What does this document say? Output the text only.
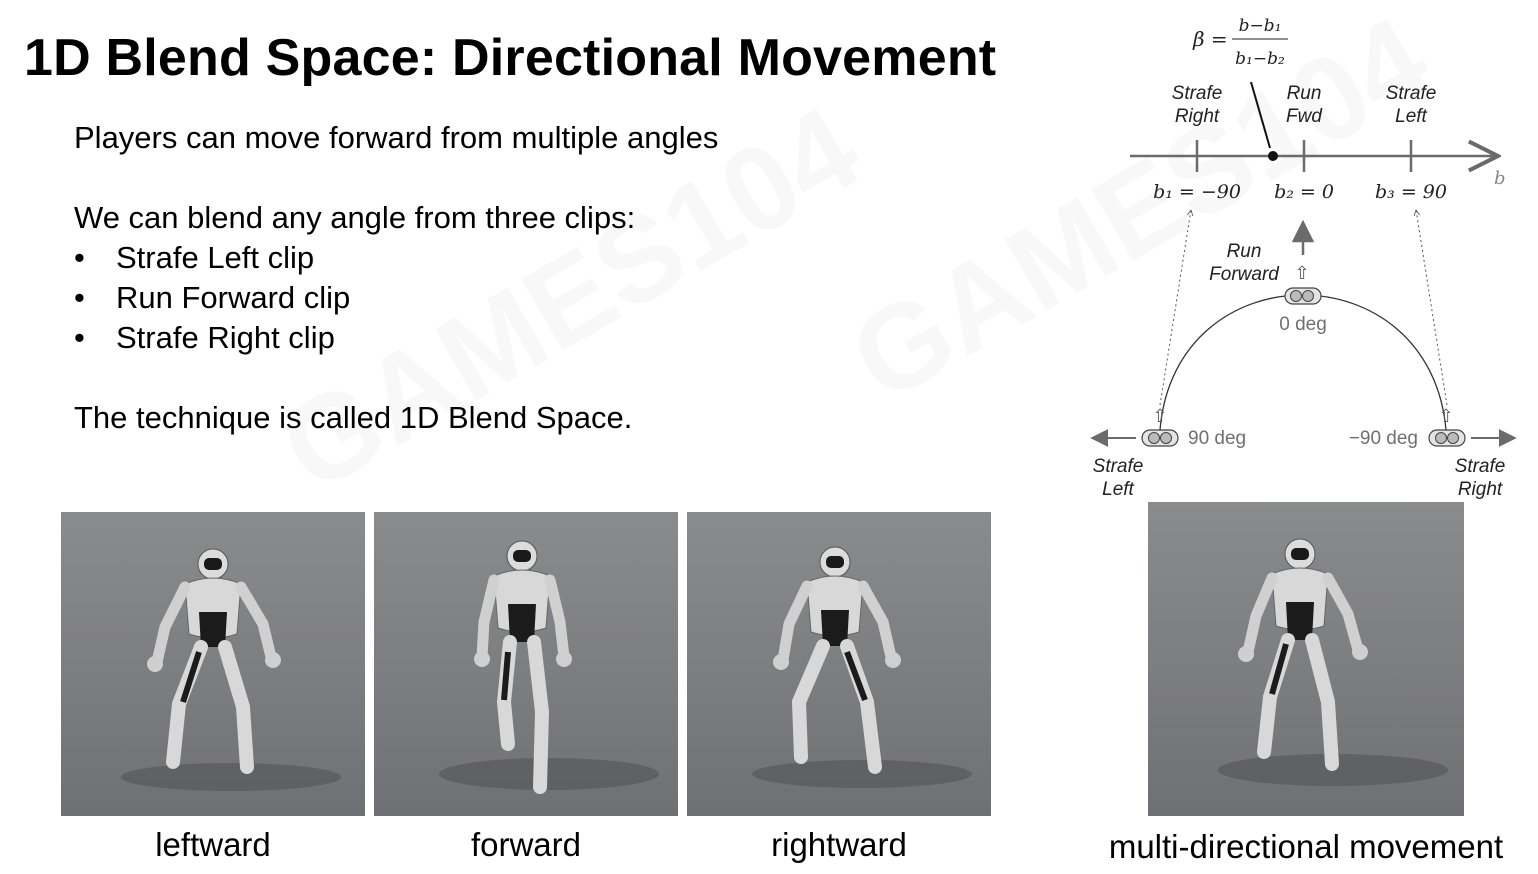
1D Blend Space: Directional Movement

Players can move forward from multiple angles

We can blend any angle from three clips:

• Strafe Left clip
• Run Forward clip
• Strafe Right clip

The technique is called 1D Blend Space.

leftward	forward	rightward	multi-directional movement
β =
b−b₁
b₁−b₂
Strafe
Right
Run
Fwd
Strafe
Left
b
b₁ = −90 b₂ = 0 b₃ = 90
Run
Forward ⇧
0 deg
⇧
90 deg
Strafe
Left
⇧
−90 deg
Strafe
Right
